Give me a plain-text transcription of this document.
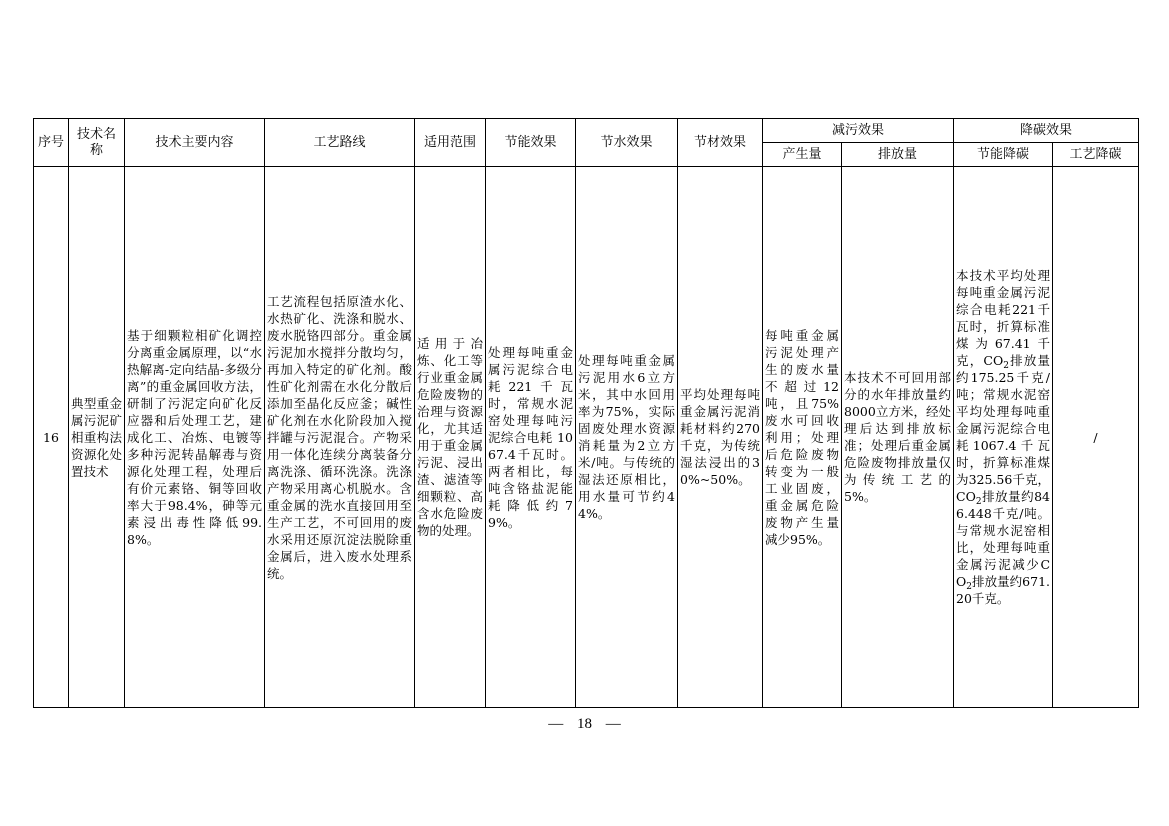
序号	技术名称	技术主要内容	工艺路线	适用范围	节能效果	节水效果	节材效果	减污效果		降碳效果	
								产生量	排放量	节能降碳	工艺降碳
16	典型重金属污泥矿相重构法资源化处置技术	基于细颗粒相矿化调控分离重金属原理，以“水热解离-定向结晶-多级分离”的重金属回收方法，研制了污泥定向矿化反应器和后处理工艺，建成化工、冶炼、电镀等多种污泥转晶解毒与资源化处理工程，处理后有价元素铬、铜等回收率大于98.4%，砷等元素浸出毒性降低99.8%。	工艺流程包括原渣水化、水热矿化、洗涤和脱水、废水脱铬四部分。重金属污泥加水搅拌分散均匀，再加入特定的矿化剂。酸性矿化剂需在水化分散后添加至晶化反应釜；碱性矿化剂在水化阶段加入搅拌罐与污泥混合。产物采用一体化连续分离装备分离洗涤、循环洗涤。洗涤产物采用离心机脱水。含重金属的洗水直接回用至生产工艺，不可回用的废水采用还原沉淀法脱除重金属后，进入废水处理系统。	适用于冶炼、化工等行业重金属危险废物的治理与资源化，尤其适用于重金属污泥、浸出渣、滤渣等细颗粒、高含水危险废物的处理。	处理每吨重金属污泥综合电耗221千瓦时，常规水泥窑处理每吨污泥综合电耗 1067.4千瓦时。两者相比，每吨含铬盐泥能耗降低约79%。	处理每吨重金属污泥用水6立方米，其中水回用率为75%，实际固废处理水资源消耗量为2立方米/吨。与传统的湿法还原相比，用水量可节约44%。	平均处理每吨重金属污泥消耗材料约270千克，为传统湿法浸出的30%~50%。	每吨重金属污泥处理产生的废水量不超过12吨，且75%废水可回收利用；处理后危险废物转变为一般工业固废，重金属危险废物产生量减少95%。	本技术不可回用部分的水年排放量约8000立方米，经处理后达到排放标准；处理后重金属危险废物排放量仅为传统工艺的5%。	本技术平均处理每吨重金属污泥综合电耗221千瓦时，折算标准煤为67.41千克，$CO_2$排放量约175.25千克/吨；常规水泥窑平均处理每吨重金属污泥综合电耗1067.4千瓦时，折算标准煤为325.56千克，$CO_2$排放量约846.448千克/吨。与常规水泥窑相比，处理每吨重金属污泥减少$CO_2$排放量约671.20千克。	/
— 18 —
